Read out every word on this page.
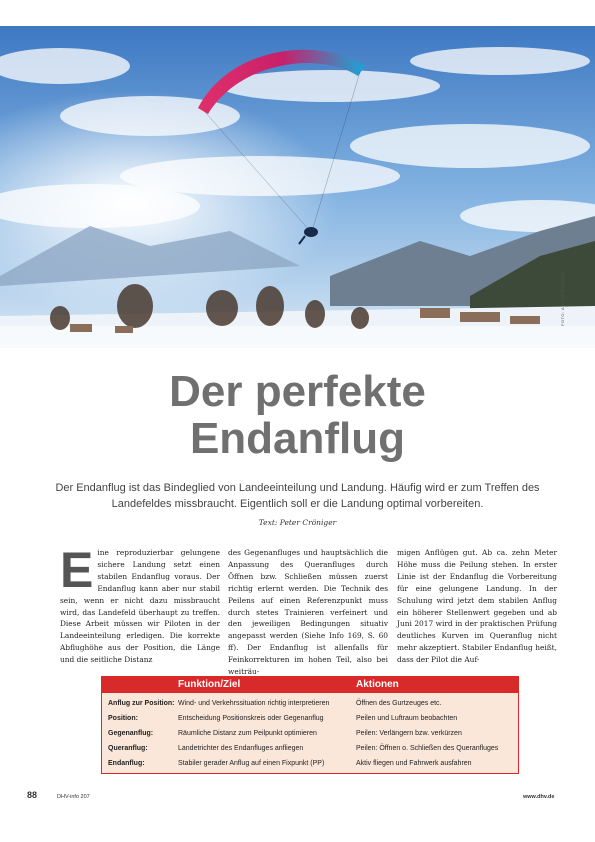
FOTO: ADI GEISEGGER
Der perfekte
Endanflug

Der Endanflug ist das Bindeglied von Landeeinteilung und Landung. Häufig wird er zum Treffen des Landefeldes missbraucht. Eigentlich soll er die Landung optimal vorbereiten.

Text: Peter Cröniger
E ine reproduzierbar gelungene sichere Landung setzt einen stabilen Endanflug voraus. Der Endanflug kann aber nur stabil sein, wenn er nicht dazu missbraucht wird, das Landefeld überhaupt zu treffen. Diese Arbeit müssen wir Piloten in der Landeeinteilung erledigen. Die korrekte Abflughöhe aus der Position, die Länge und die seitliche Distanz
des Gegenanfluges und hauptsächlich die Anpassung des Queranfluges durch Öffnen bzw. Schließen müssen zuerst richtig erlernt werden. Die Technik des Peilens auf einen Referenzpunkt muss durch stetes Trainieren verfeinert und den jeweiligen Bedingungen situativ angepasst werden (Siehe Info 169, S. 60 ff). Der Endanflug ist allenfalls für Feinkorrekturen im hohen Teil, also bei weiträu-
migen Anflügen gut. Ab ca. zehn Meter Höhe muss die Peilung stehen. In erster Linie ist der Endanflug die Vorbereitung für eine gelungene Landung. In der Schulung wird jetzt dem stabilen Anflug ein höherer Stellenwert gegeben und ab Juni 2017 wird in der praktischen Prüfung deutliches Kurven im Queranflug nicht mehr akzeptiert. Stabiler Endanflug heißt, dass der Pilot die Auf-
Funktion/Ziel	Aktionen
Anflug zur Position: Wind- und Verkehrssituation richtig interpretieren	Öffnen des Gurtzeuges etc.
Position:	Entscheidung Positionskreis oder Gegenanflug	Peilen und Luftraum beobachten
Gegenanflug:	Räumliche Distanz zum Peilpunkt optimieren	Peilen: Verlängern bzw. verkürzen
Queranflug:	Landetrichter des Endanfluges anfliegen	Peilen: Öffnen o. Schließen des Queranfluges
Endanflug:	Stabiler gerader Anflug auf einen Fixpunkt (PP)	Aktiv fliegen und Fahrwerk ausfahren
88	DHV-info 207	www.dhv.de
